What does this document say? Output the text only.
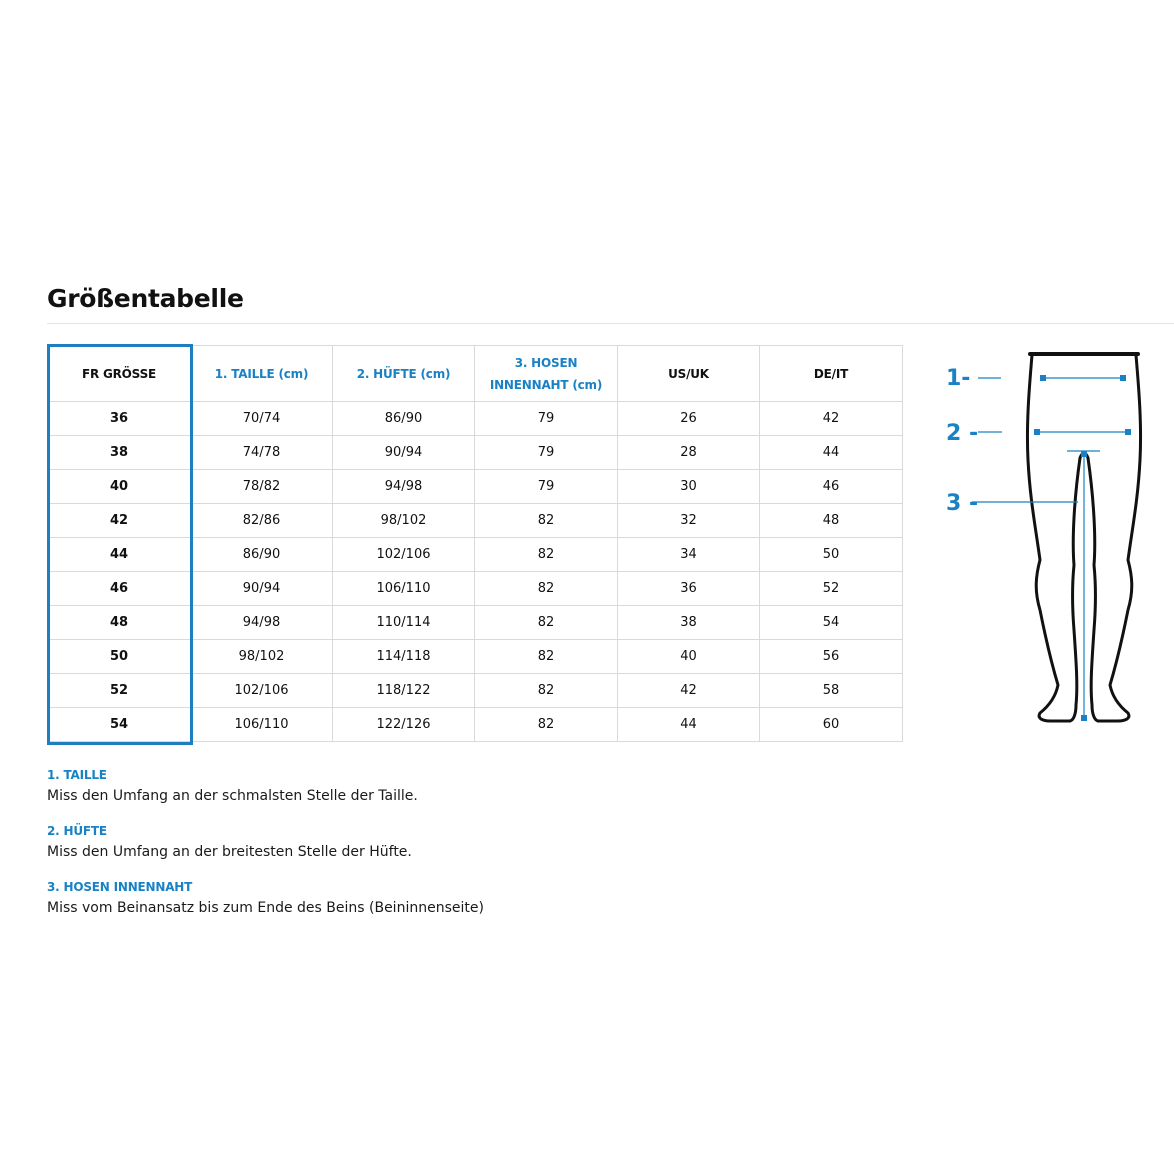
Größentabelle
FR GRÖSSE	1. TAILLE (cm)	2. HÜFTE (cm)	3. HOSEN INNENNAHT (cm)	US/UK	DE/IT
36	70/74	86/90	79	26	42
38	74/78	90/94	79	28	44
40	78/82	94/98	79	30	46
42	82/86	98/102	82	32	48
44	86/90	102/106	82	34	50
46	90/94	106/110	82	36	52
48	94/98	110/114	82	38	54
50	98/102	114/118	82	40	56
52	102/106	118/122	82	42	58
54	106/110	122/126	82	44	60
1. TAILLE
Miss den Umfang an der schmalsten Stelle der Taille.
2. HÜFTE
Miss den Umfang an der breitesten Stelle der Hüfte.
3. HOSEN INNENNAHT
Miss vom Beinansatz bis zum Ende des Beins (Beininnenseite)
1-
2 -
3 -
